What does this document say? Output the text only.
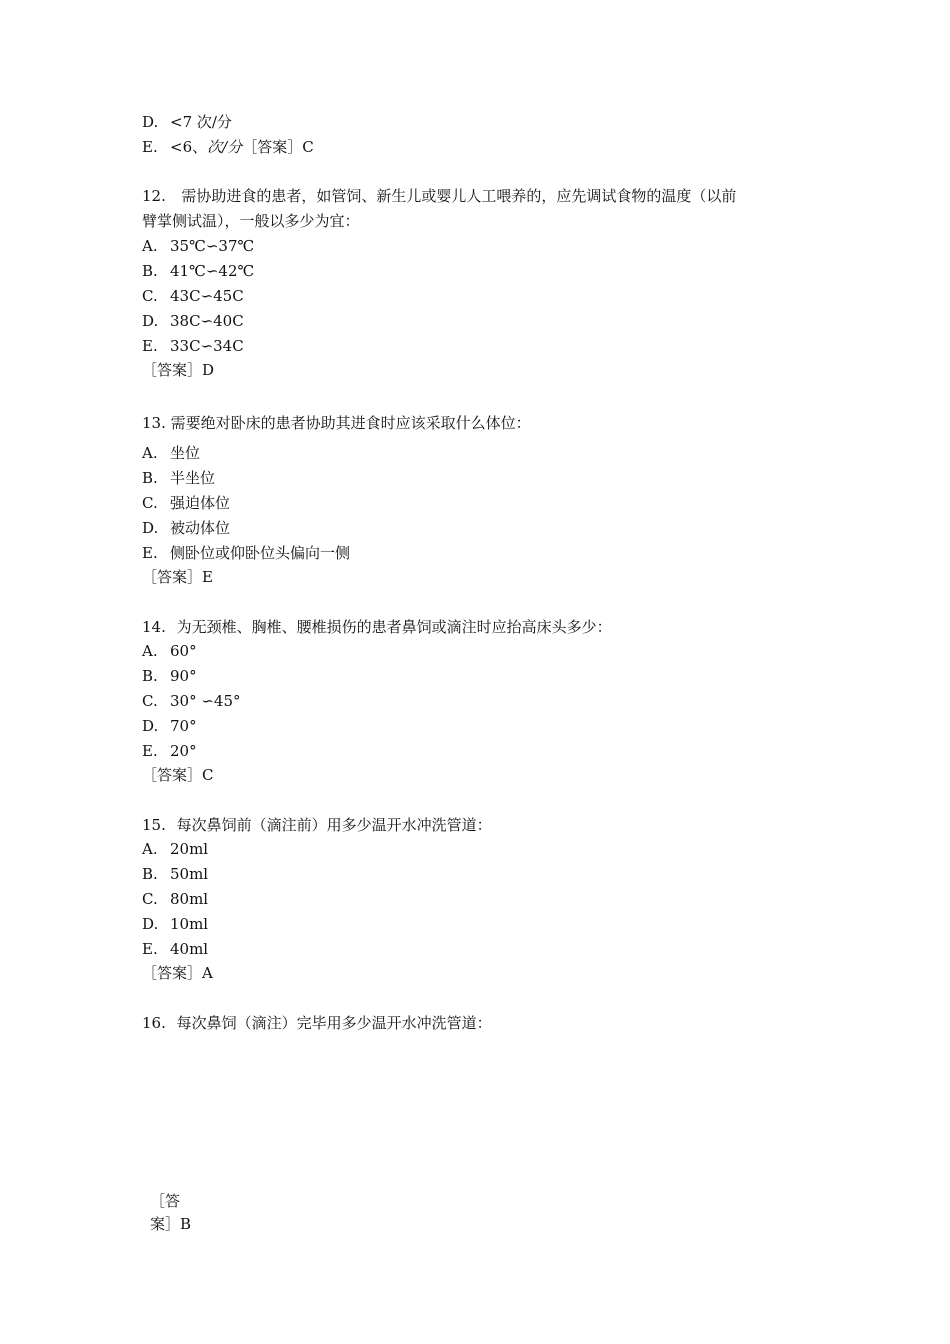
D. <7 次/分
E. <6、次/分［答案］C
12. 需协助进食的患者，如管饲、新生儿或婴儿人工喂养的，应先调试食物的温度（以前
臂掌侧试温），一般以多少为宜：
A. 35℃∽37℃
B. 41℃∽42℃
C. 43C∽45C
D. 38C∽40C
E. 33C∽34C
［答案］D
13. 需要绝对卧床的患者协助其进食时应该采取什么体位：
A. 坐位
B. 半坐位
C. 强迫体位
D. 被动体位
E. 侧卧位或仰卧位头偏向一侧
［答案］E
14. 为无颈椎、胸椎、腰椎损伤的患者鼻饲或滴注时应抬高床头多少：
A. 60°
B. 90°
C. 30° ∽45°
D. 70°
E. 20°
［答案］C
15. 每次鼻饲前（滴注前）用多少温开水冲洗管道：
A. 20ml
B. 50ml
C. 80ml
D. 10ml
E. 40ml
［答案］A
16. 每次鼻饲（滴注）完毕用多少温开水冲洗管道：
［答
案］B
